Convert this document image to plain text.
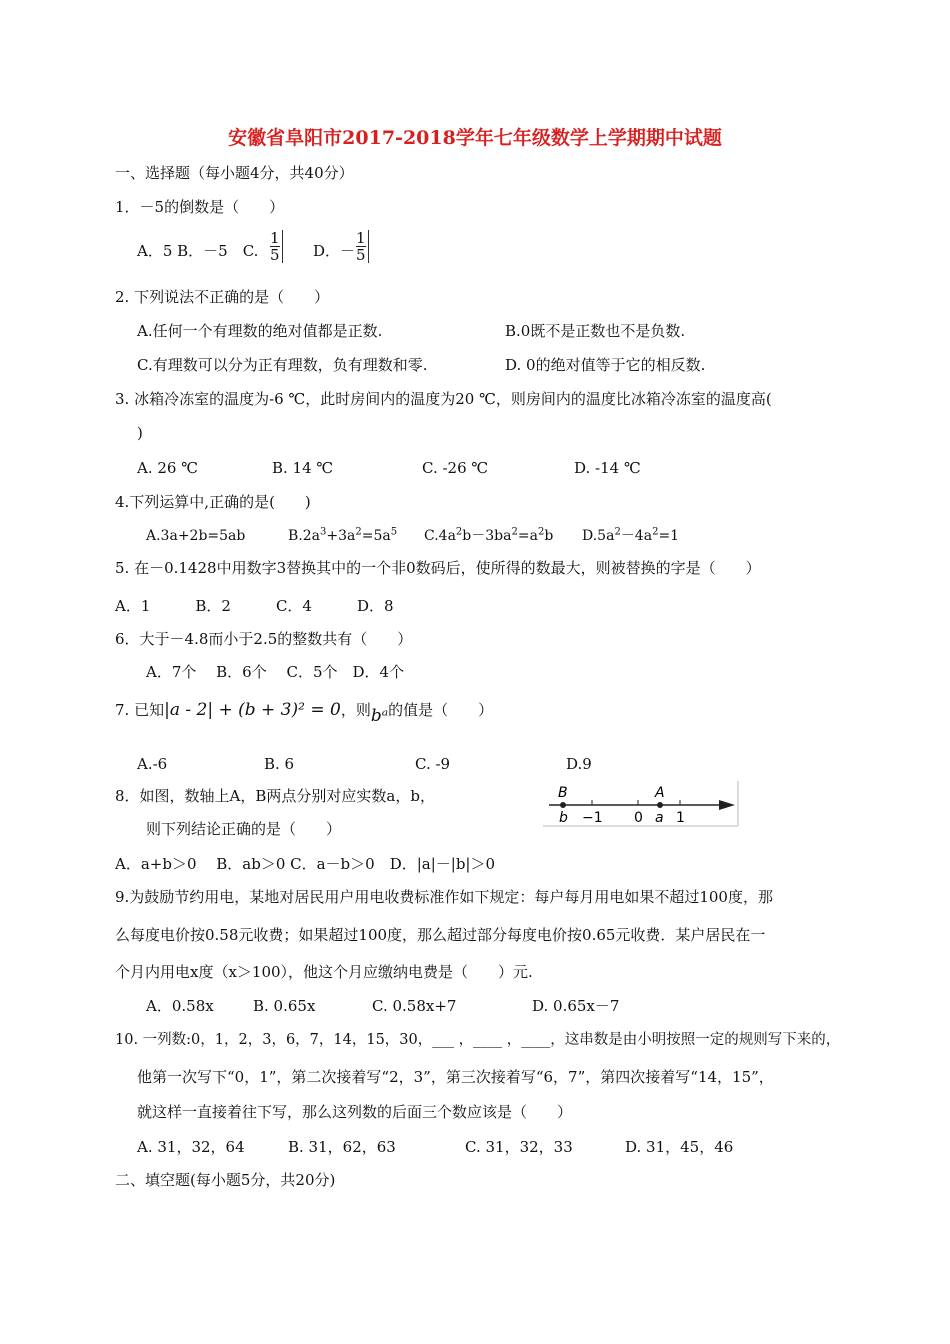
安徽省阜阳市2017-2018学年七年级数学上学期期中试题
一、选择题（每小题4分，共40分）
1．－5的倒数是（　　）
A．5 B．－5　C. $\frac{1}{5}$ D．－
$\frac{1}{5}$
2. 下列说法不正确的是（　　）
A.任何一个有理数的绝对值都是正数.	B.0既不是正数也不是负数.
C.有理数可以分为正有理数，负有理数和零.	D. 0的绝对值等于它的相反数.
3. 冰箱冷冻室的温度为-6 ℃，此时房间内的温度为20 ℃，则房间内的温度比冰箱冷冻室的温度高(
)
A. 26 ℃	B. 14 ℃	C. -26 ℃	D. -14 ℃
4.下列运算中,正确的是(　　)
A.3a+2b=5ab	$B.2a^3+3a^2=5a^5$ $C.4a^2b-3ba^2=a^2b$ $D.5a^2-4a^2=1$
5. 在－0.1428中用数字3替换其中的一个非0数码后，使所得的数最大，则被替换的字是（　　）
A．1　　　B．2　　　C．4　　　D．8
6．大于－4.8而小于2.5的整数共有（　　）
A．7个　 B．6个　 C．5个　D．4个
7. 已知|a - 2| + (b + 3)² = 0，则bᵃ的值是（　　）
A.-6	B. 6	C. -9	D.9
8．如图，数轴上A，B两点分别对应实数a，b，
则下列结论正确的是（　　）
B	A
b −1 0 a 1
A．a+b＞0　 B．ab＞0 C．a－b＞0　D．|a|－|b|＞0
9.为鼓励节约用电，某地对居民用户用电收费标准作如下规定：每户每月用电如果不超过100度，那
么每度电价按0.58元收费；如果超过100度，那么超过部分每度电价按0.65元收费．某户居民在一
个月内用电x度（x＞100），他这个月应缴纳电费是（　　）元.
A．0.58x	B. 0.65x	C. 0.58x+7	D. 0.65x－7
10. 一列数:0，1，2，3，6，7，14，15，30，___ ，____ ，____，这串数是由小明按照一定的规则写下来的，
他第一次写下“0，1”，第二次接着写“2，3”，第三次接着写“6，7”，第四次接着写“14，15”，
就这样一直接着往下写，那么这列数的后面三个数应该是（　　）
A. 31，32，64	B. 31，62，63	C. 31，32，33	D. 31，45，46
二、填空题(每小题5分，共20分)
